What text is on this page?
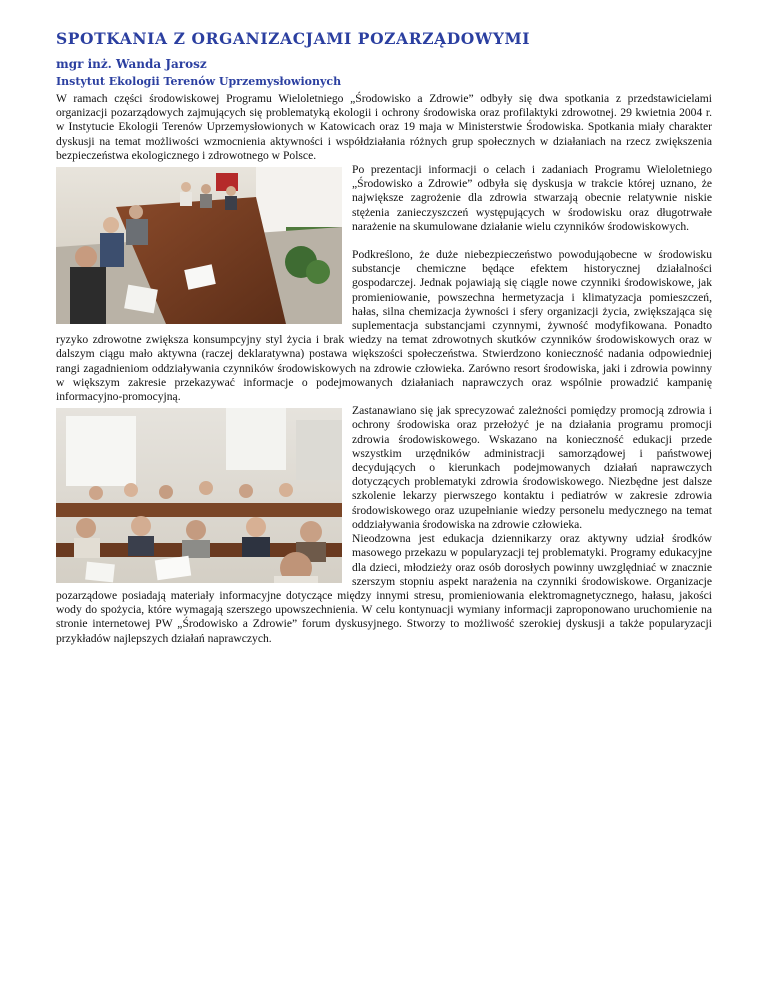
SPOTKANIA Z ORGANIZACJAMI POZARZĄDOWYMI
mgr inż. Wanda Jarosz
Instytut Ekologii Terenów Uprzemysłowionych

W ramach części środowiskowej Programu Wieloletniego „Środowisko a Zdrowie” odbyły się dwa spotkania z przedstawicielami organizacji pozarządowych zajmujących się problematyką ekologii i ochrony środowiska oraz profilaktyki zdrowotnej. 29 kwietnia 2004 r. w Instytucie Ekologii Terenów Uprzemysłowionych w Katowicach oraz 19 maja w Ministerstwie Środowiska. Spotkania miały charakter dyskusji na temat możliwości wzmocnienia aktywności i współdziałania różnych grup społecznych w działaniach na rzecz zwiększenia bezpieczeństwa ekologicznego i zdrowotnego w Polsce.

Po prezentacji informacji o celach i zadaniach Programu Wieloletniego „Środowisko a Zdrowie” odbyła się dyskusja w trakcie której uznano, że największe zagrożenie dla zdrowia stwarzają obecnie relatywnie niskie stężenia zanieczyszczeń występujących w środowisku oraz długotrwałe narażenie na skumulowane działanie wielu czynników środowiskowych.

Podkreślono, że duże niebezpieczeństwo powodująobecne w środowisku substancje chemiczne będące efektem historycznej działalności gospodarczej. Jednak pojawiają się ciągle nowe czynniki środowiskowe, jak promieniowanie, powszechna hermetyzacja i klimatyzacja pomieszczeń, hałas, silna chemizacja żywności i sfery organizacji życia, zwiększająca się suplementacja substancjami czynnymi, żywność modyfikowana. Ponadto ryzyko zdrowotne zwiększa konsumpcyjny styl życia i brak wiedzy na temat zdrowotnych skutków czynników środowiskowych oraz w dalszym ciągu mało aktywna (raczej deklaratywna) postawa większości społeczeństwa. Stwierdzono konieczność nadania odpowiedniej rangi zagadnieniom oddziaływania czynników środowiskowych na zdrowie człowieka. Zarówno resort środowiska, jaki i zdrowia powinny w większym zakresie przekazywać informacje o podejmowanych działaniach naprawczych oraz wspólnie prowadzić kampanię informacyjno-promocyjną.

Zastanawiano się jak sprecyzować zależności pomiędzy promocją zdrowia i ochrony środowiska oraz przełożyć je na działania programu promocji zdrowia środowiskowego. Wskazano na konieczność edukacji przede wszystkim urzędników administracji samorządowej i państwowej decydujących o kierunkach podejmowanych działań naprawczych dotyczących problematyki zdrowia środowiskowego. Niezbędne jest dalsze szkolenie lekarzy pierwszego kontaktu i pediatrów w zakresie zdrowia środowiskowego oraz uzupełnianie wiedzy personelu medycznego na temat oddziaływania środowiska na zdrowie człowieka.

Nieodzowna jest edukacja dziennikarzy oraz aktywny udział środków masowego przekazu w popularyzacji tej problematyki. Programy edukacyjne dla dzieci, młodzieży oraz osób dorosłych powinny uwzględniać w znacznie szerszym stopniu aspekt narażenia na czynniki środowiskowe. Organizacje pozarządowe posiadają materiały informacyjne dotyczące między innymi stresu, promieniowania elektromagnetycznego, hałasu, jakości wody do spożycia, które wymagają szerszego upowszechnienia. W celu kontynuacji wymiany informacji zaproponowano uruchomienie na stronie internetowej PW „Środowisko a Zdrowie” forum dyskusyjnego. Stworzy to możliwość szerokiej dyskusji a także popularyzacji przykładów najlepszych działań naprawczych.
